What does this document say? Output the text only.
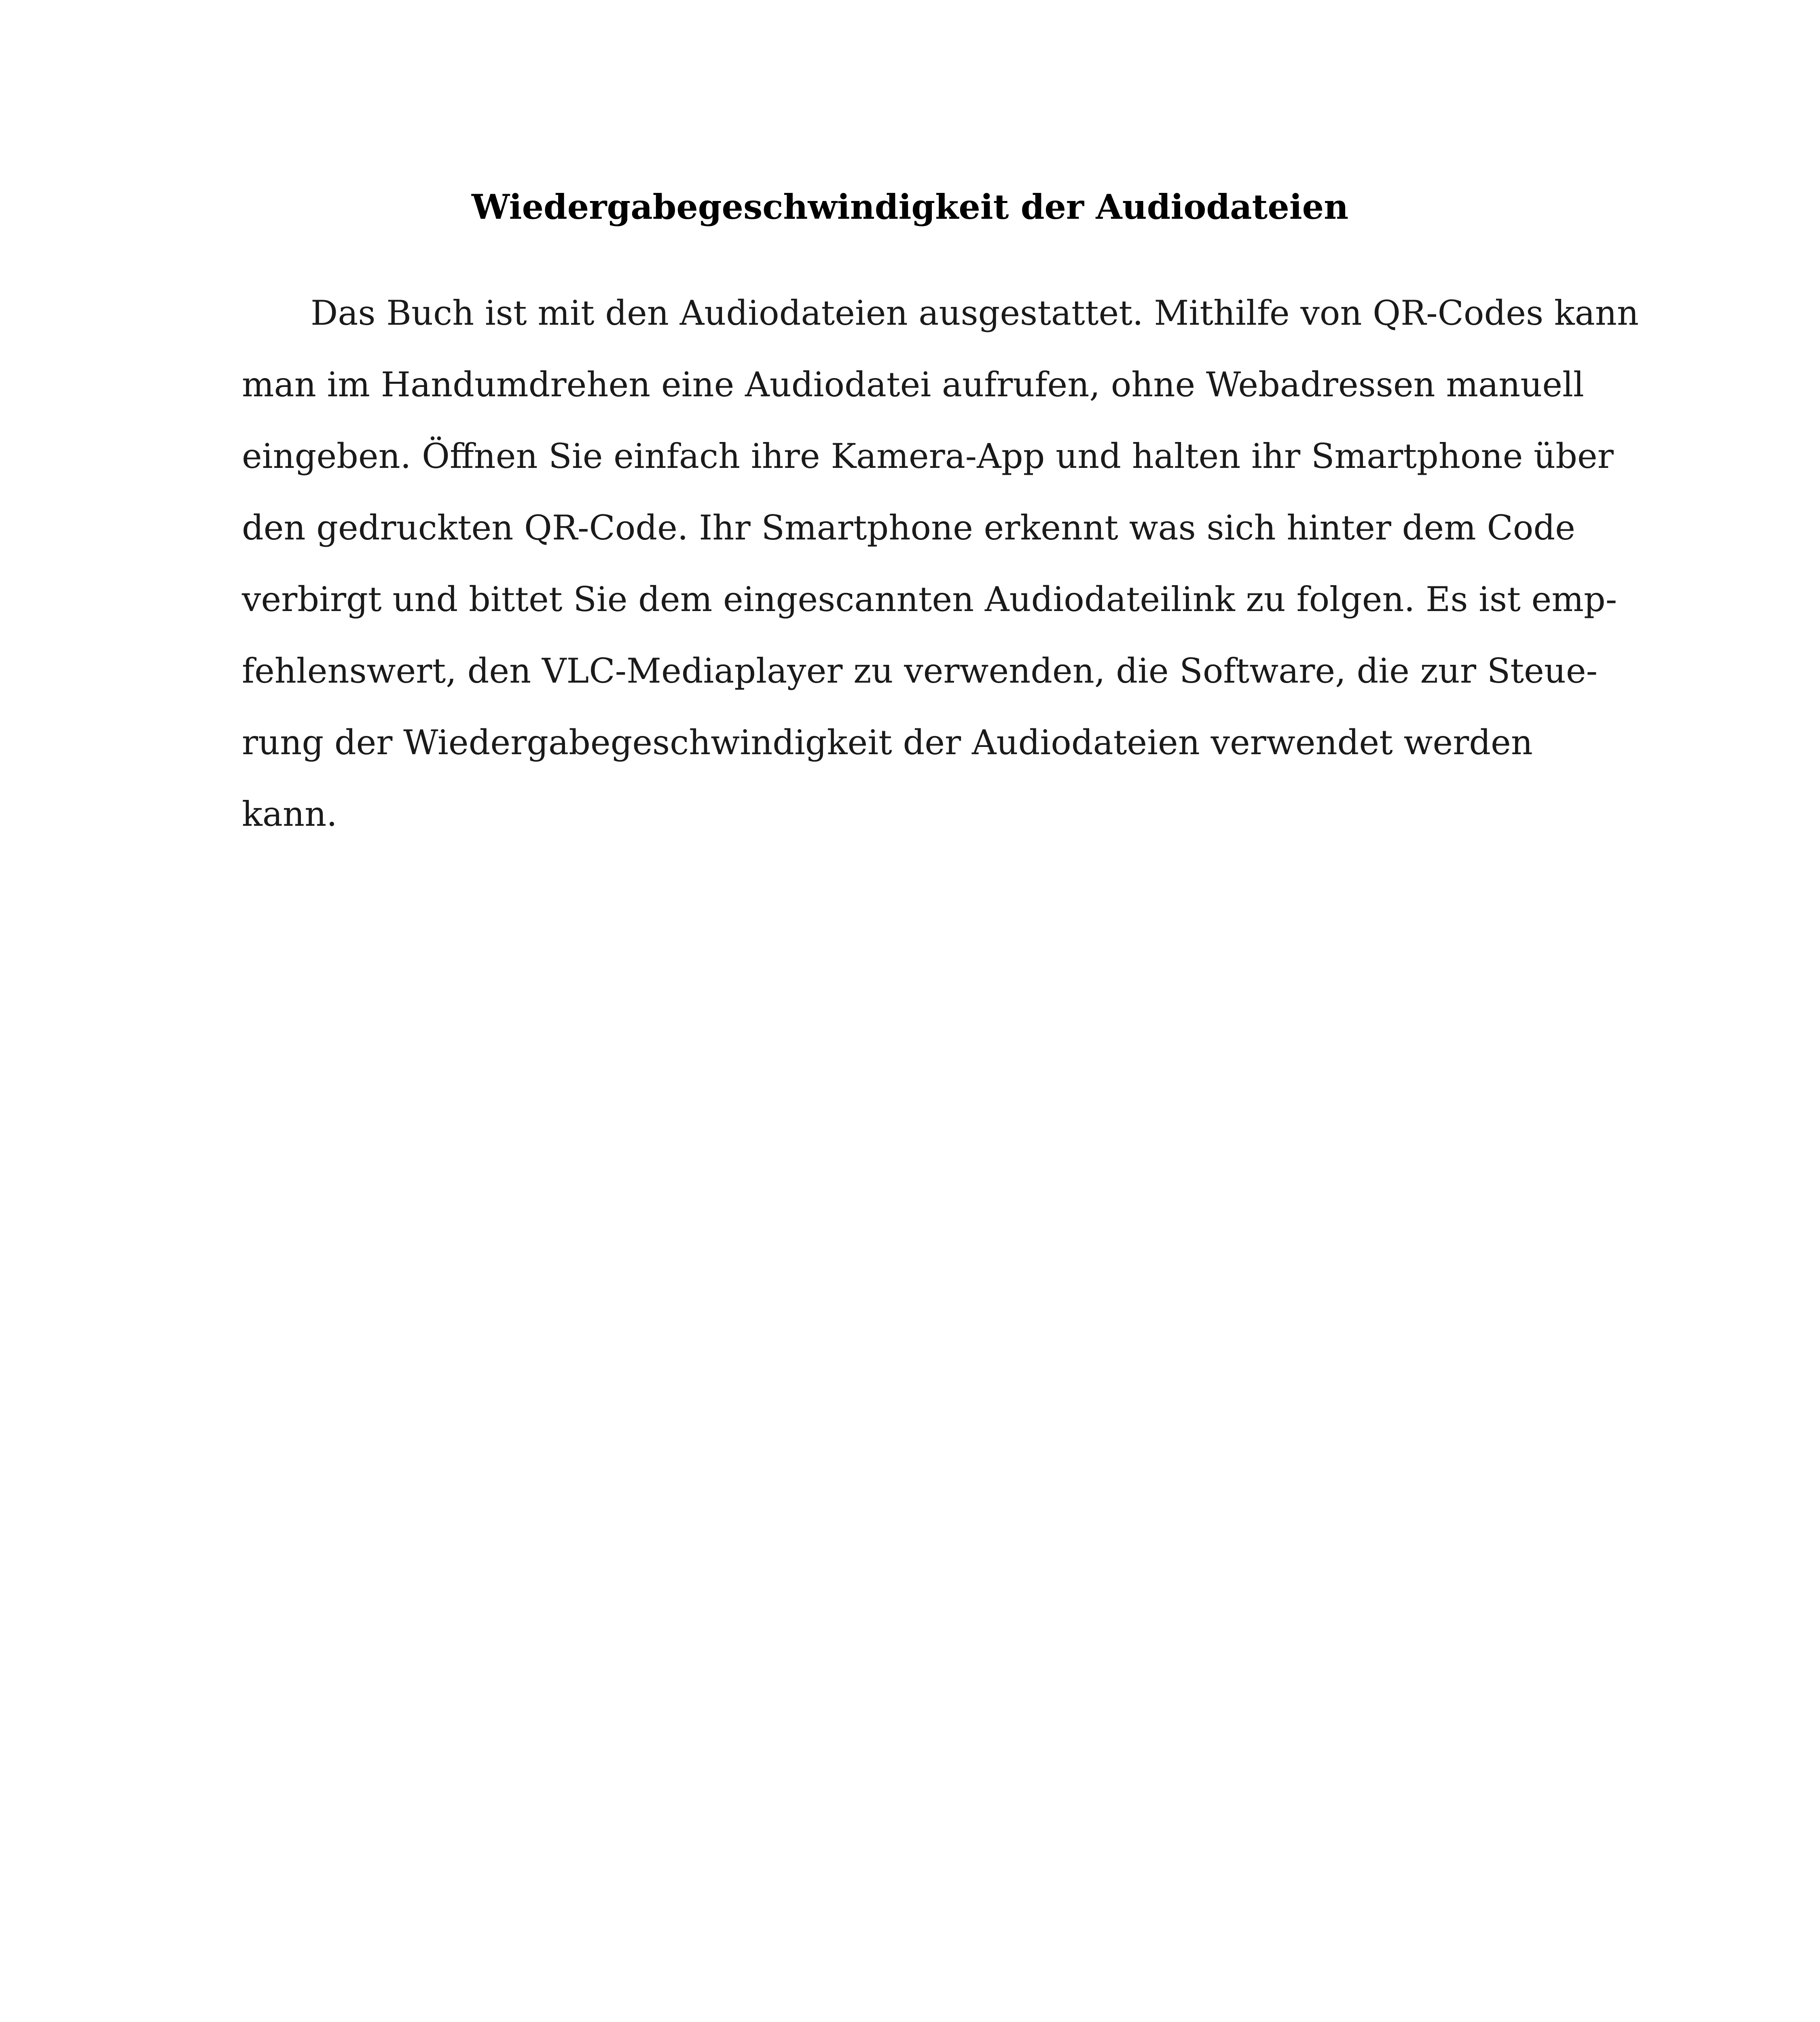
Wiedergabegeschwindigkeit der Audiodateien
Das Buch ist mit den Audiodateien ausgestattet. Mithilfe von QR-Codes kann
man im Handumdrehen eine Audiodatei aufrufen, ohne Webadressen manuell
eingeben. Öffnen Sie einfach ihre Kamera-App und halten ihr Smartphone über
den gedruckten QR-Code. Ihr Smartphone erkennt was sich hinter dem Code
verbirgt und bittet Sie dem eingescannten Audiodateilink zu folgen. Es ist emp-
fehlenswert, den VLC-Mediaplayer zu verwenden, die Software, die zur Steue-
rung der Wiedergabegeschwindigkeit der Audiodateien verwendet werden
kann.
